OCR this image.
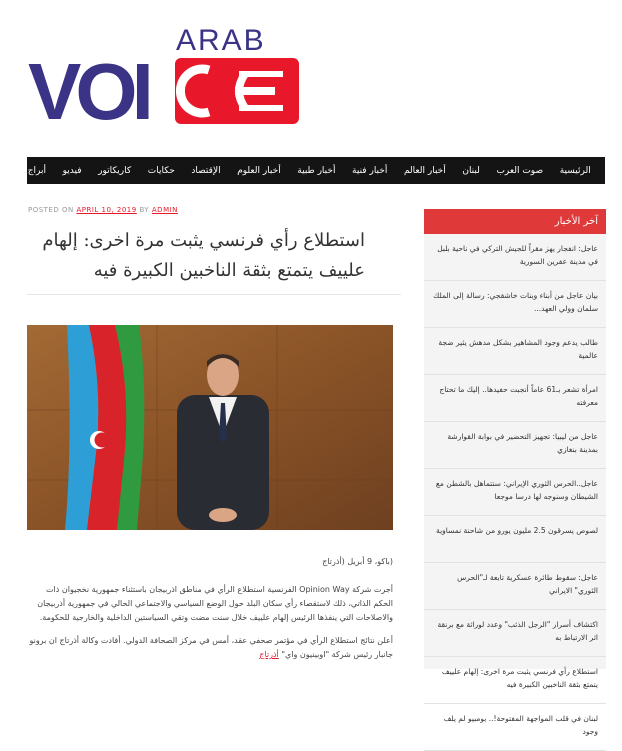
ARAB
VOI
الرئيسية
صوت العرب
لبنان
أخبار العالم
أخبار فنية
أخبار طبية
أخبار العلوم
الإقتصاد
حكايات
كاريكاتور
فيديو
أبراج
POSTED ON APRIL 10, 2019 BY ADMIN
استطلاع رأي فرنسي يثبت مرة اخرى: إلهام علييف يتمتع بثقة الناخبين الكبيرة فيه

(باكو، 9 أبريل (أذرتاج

أجرت شركة Opinion Way الفرنسية استطلاع الرأي في مناطق اذربيجان باستثناء جمهورية نخجيوان ذات الحكم الذاتي، ذلك لاستقصاء رأي سكان البلد حول الوضع السياسي والاجتماعي الحالي في جمهورية أذربيجان والاصلاحات التي ينفذها الرئيس إلهام علييف خلال سنت مضت وتقي السياستين الداخلية والخارجية للحكومة.

أعلن نتائج استطلاع الرأي في مؤتمر صحفي عقد، أمس في مركز الصحافة الدولي. أفادت وكالة أذرتاج ان برونو جانبار رئيس شركة "اوبينيون واي" أذرتاج

آخر الأخبار
عاجل: انفجار يهز مقراً للجيش التركي في ناحية بلبل في مدينة عفرين السورية
بيان عاجل من أبناء وبنات خاشقجي: رسالة إلى الملك سلمان وولي العهد...
طالب يدعم وجود المشاهير بشكل مدهش يثير ضجة عالمية
امرأة تشعر بـ61 عاماً أنجبت حفيدها.. إليك ما تحتاج معرفته
عاجل من ليبيا: تجهيز التحضير في بوابة القوارشة بمدينة بنغازي
عاجل..الحرس الثوري الإيراني: ستتماهل بالشطن مع الشيطان وسنوجه لها درسا موجعا
لصوص يسرقون 2.5 مليون يورو من شاحنة نمساوية
عاجل: سقوط طائرة عسكرية تابعة لـ"الحرس الثوري" الايراني
اكتشاف أسرار "الرجل الذئب" وعدد لوراثة مع برنقة اثر الارتباط به
استطلاع رأي فرنسي يثبت مرة اخرى: إلهام علييف يتمتع بثقة الناخبين الكبيرة فيه
لبنان في قلب المواجهة المفتوحة!.. بومبيو لم يلف وجود
